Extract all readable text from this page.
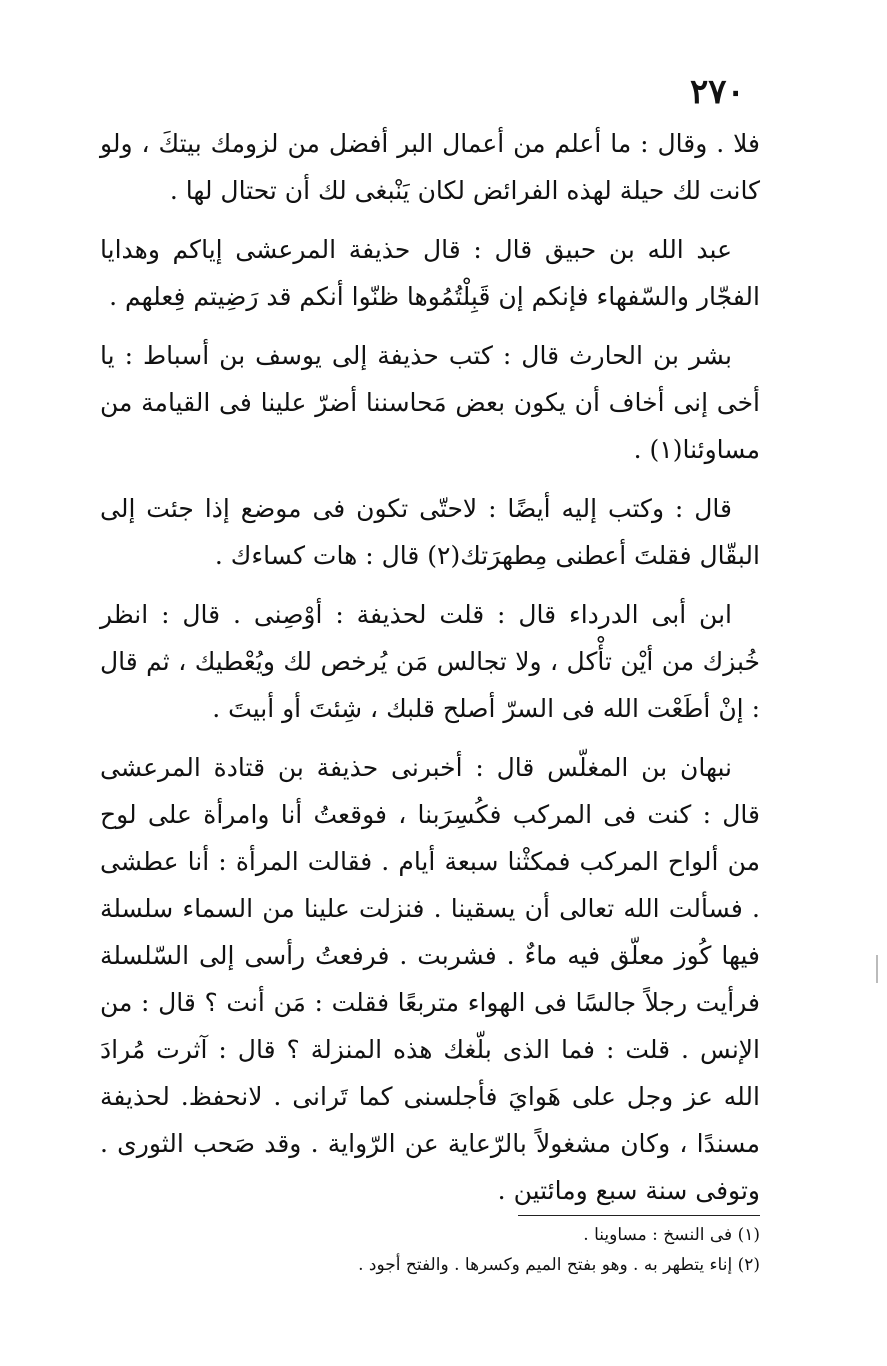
٢٧٠

فلا . وقال : ما أعلم من أعمال البر أفضل من لزومك بيتكَ ، ولو كانت لك حيلة لهذه الفرائض لكان يَنْبغى لك أن تحتال لها .

عبد الله بن حبيق قال : قال حذيفة المرعشى إياكم وهدايا الفجّار والسّفهاء فإنكم إن قَبِلْتُمُوها ظنّوا أنكم قد رَضِيتم فِعلهم .

بشر بن الحارث قال : كتب حذيفة إلى يوسف بن أسباط : يا أخى إنى أخاف أن يكون بعض مَحاسننا أضرّ علينا فى القيامة من مساوئنا(١) .

قال : وكتب إليه أيضًا : لاحتّى تكون فى موضع إذا جئت إلى البقّال فقلتَ أعطنى مِطهرَتك(٢) قال : هات كساءك .

ابن أبى الدرداء قال : قلت لحذيفة : أوْصِنى . قال : انظر خُبزك من أيْن تأْكل ، ولا تجالس مَن يُرخص لك ويُعْطيك ، ثم قال : إنْ أطَعْت الله فى السرّ أصلح قلبك ، شِئتَ أو أبيتَ .

نبهان بن المغلّس قال : أخبرنى حذيفة بن قتادة المرعشى قال : كنت فى المركب فكُسِرَبنا ، فوقعتُ أنا وامرأة على لوح من ألواح المركب فمكثْنا سبعة أيام . فقالت المرأة : أنا عطشى . فسألت الله تعالى أن يسقينا . فنزلت علينا من السماء سلسلة فيها كُوز معلّق فيه ماءٌ . فشربت . فرفعتُ رأسى إلى السّلسلة فرأيت رجلاً جالسًا فى الهواء متربعًا فقلت : مَن أنت ؟ قال : من الإنس . قلت : فما الذى بلّغك هذه المنزلة ؟ قال : آثرت مُرادَ الله عز وجل على هَوايَ فأجلسنى كما تَرانى . لانحفظ. لحذيفة مسندًا ، وكان مشغولاً بالرّعاية عن الرّواية . وقد صَحب الثورى . وتوفى سنة سبع ومائتين .

(١) فى النسخ : مساوينا .

(٢) إناء يتطهر به . وهو بفتح الميم وكسرها . والفتح أجود .
